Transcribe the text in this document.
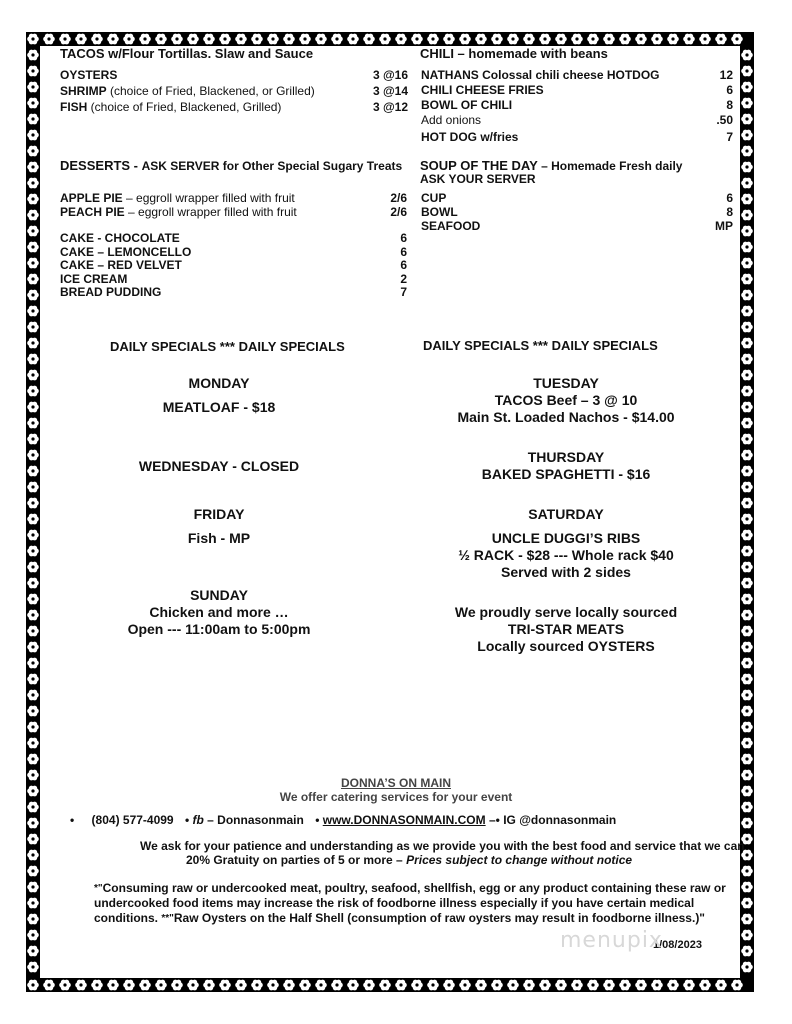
TACOS w/Flour Tortillas. Slaw and Sauce
OYSTERS	3 @16
SHRIMP (choice of Fried, Blackened, or Grilled)	3 @14
FISH (choice of Fried, Blackened, Grilled)	3 @12
CHILI – homemade with beans
NATHANS Colossal chili cheese HOTDOG	12
CHILI CHEESE FRIES	6
BOWL OF CHILI	8
Add onions	.50
HOT DOG w/fries	7
DESSERTS - ASK SERVER for Other Special Sugary Treats
APPLE PIE – eggroll wrapper filled with fruit	2/6
PEACH PIE – eggroll wrapper filled with fruit	2/6
CAKE - CHOCOLATE	6
CAKE – LEMONCELLO	6
CAKE – RED VELVET	6
ICE CREAM	2
BREAD PUDDING	7
SOUP OF THE DAY – Homemade Fresh daily
ASK YOUR SERVER
CUP	6
BOWL	8
SEAFOOD	MP
DAILY SPECIALS *** DAILY SPECIALS	DAILY SPECIALS *** DAILY SPECIALS
MONDAY
MEATLOAF - $18
TUESDAY
TACOS Beef – 3 @ 10
Main St. Loaded Nachos - $14.00
WEDNESDAY - CLOSED
THURSDAY
BAKED SPAGHETTI - $16
FRIDAY
Fish - MP
SATURDAY
UNCLE DUGGI’S RIBS
½ RACK - $28 --- Whole rack $40
Served with 2 sides
SUNDAY
Chicken and more …
Open --- 11:00am to 5:00pm
We proudly serve locally sourced
TRI-STAR MEATS
Locally sourced OYSTERS
DONNA’S ON MAIN
We offer catering services for your event
• (804) 577-4099 • fb – Donnasonmain • www.DONNASONMAIN.COM –• IG @donnasonmain
We ask for your patience and understanding as we provide you with the best food and service that we can
20% Gratuity on parties of 5 or more – Prices subject to change without notice
*"Consuming raw or undercooked meat, poultry, seafood, shellfish, egg or any product containing these raw or undercooked food items may increase the risk of foodborne illness especially if you have certain medical conditions. **"Raw Oysters on the Half Shell (consumption of raw oysters may result in foodborne illness.)"
1/08/2023
menupix
